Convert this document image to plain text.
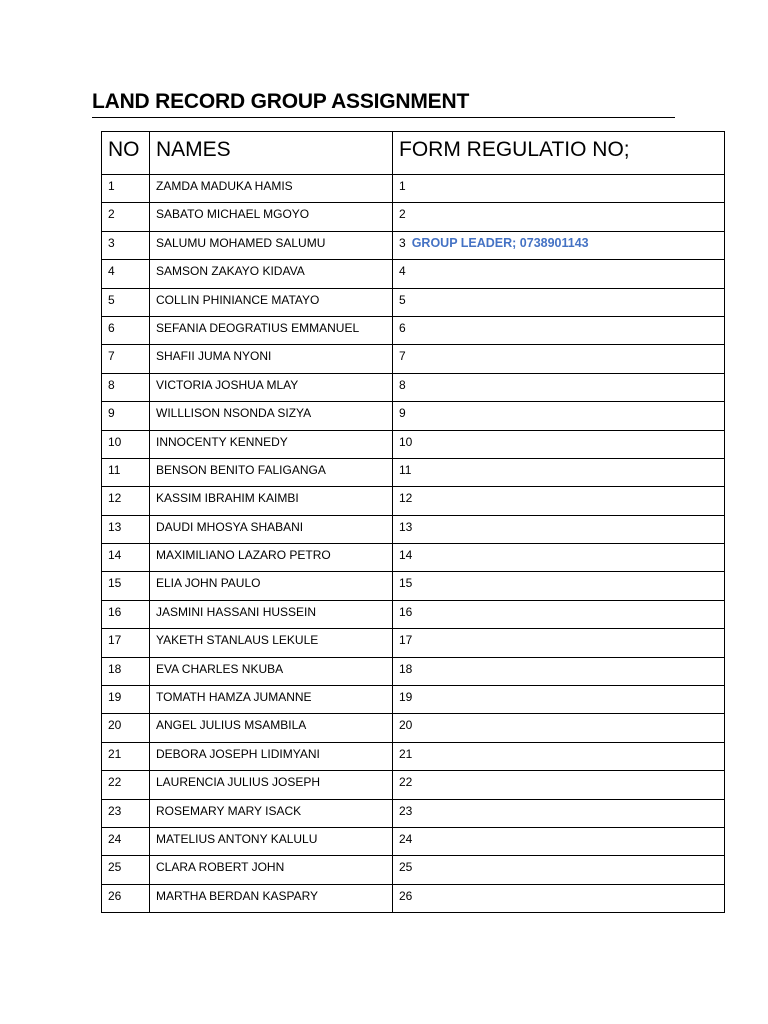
LAND RECORD GROUP ASSIGNMENT
NO	NAMES	FORM REGULATIO NO;
1	ZAMDA MADUKA HAMIS	1
2	SABATO MICHAEL MGOYO	2
3	SALUMU MOHAMED SALUMU	3 GROUP LEADER; 0738901143
4	SAMSON ZAKAYO KIDAVA	4
5	COLLIN PHINIANCE MATAYO	5
6	SEFANIA DEOGRATIUS EMMANUEL	6
7	SHAFII JUMA NYONI	7
8	VICTORIA JOSHUA MLAY	8
9	WILLLISON NSONDA SIZYA	9
10	INNOCENTY KENNEDY	10
11	BENSON BENITO FALIGANGA	11
12	KASSIM IBRAHIM KAIMBI	12
13	DAUDI MHOSYA SHABANI	13
14	MAXIMILIANO LAZARO PETRO	14
15	ELIA JOHN PAULO	15
16	JASMINI HASSANI HUSSEIN	16
17	YAKETH STANLAUS LEKULE	17
18	EVA CHARLES NKUBA	18
19	TOMATH HAMZA JUMANNE	19
20	ANGEL JULIUS MSAMBILA	20
21	DEBORA JOSEPH LIDIMYANI	21
22	LAURENCIA JULIUS JOSEPH	22
23	ROSEMARY MARY ISACK	23
24	MATELIUS ANTONY KALULU	24
25	CLARA ROBERT JOHN	25
26	MARTHA BERDAN KASPARY	26
